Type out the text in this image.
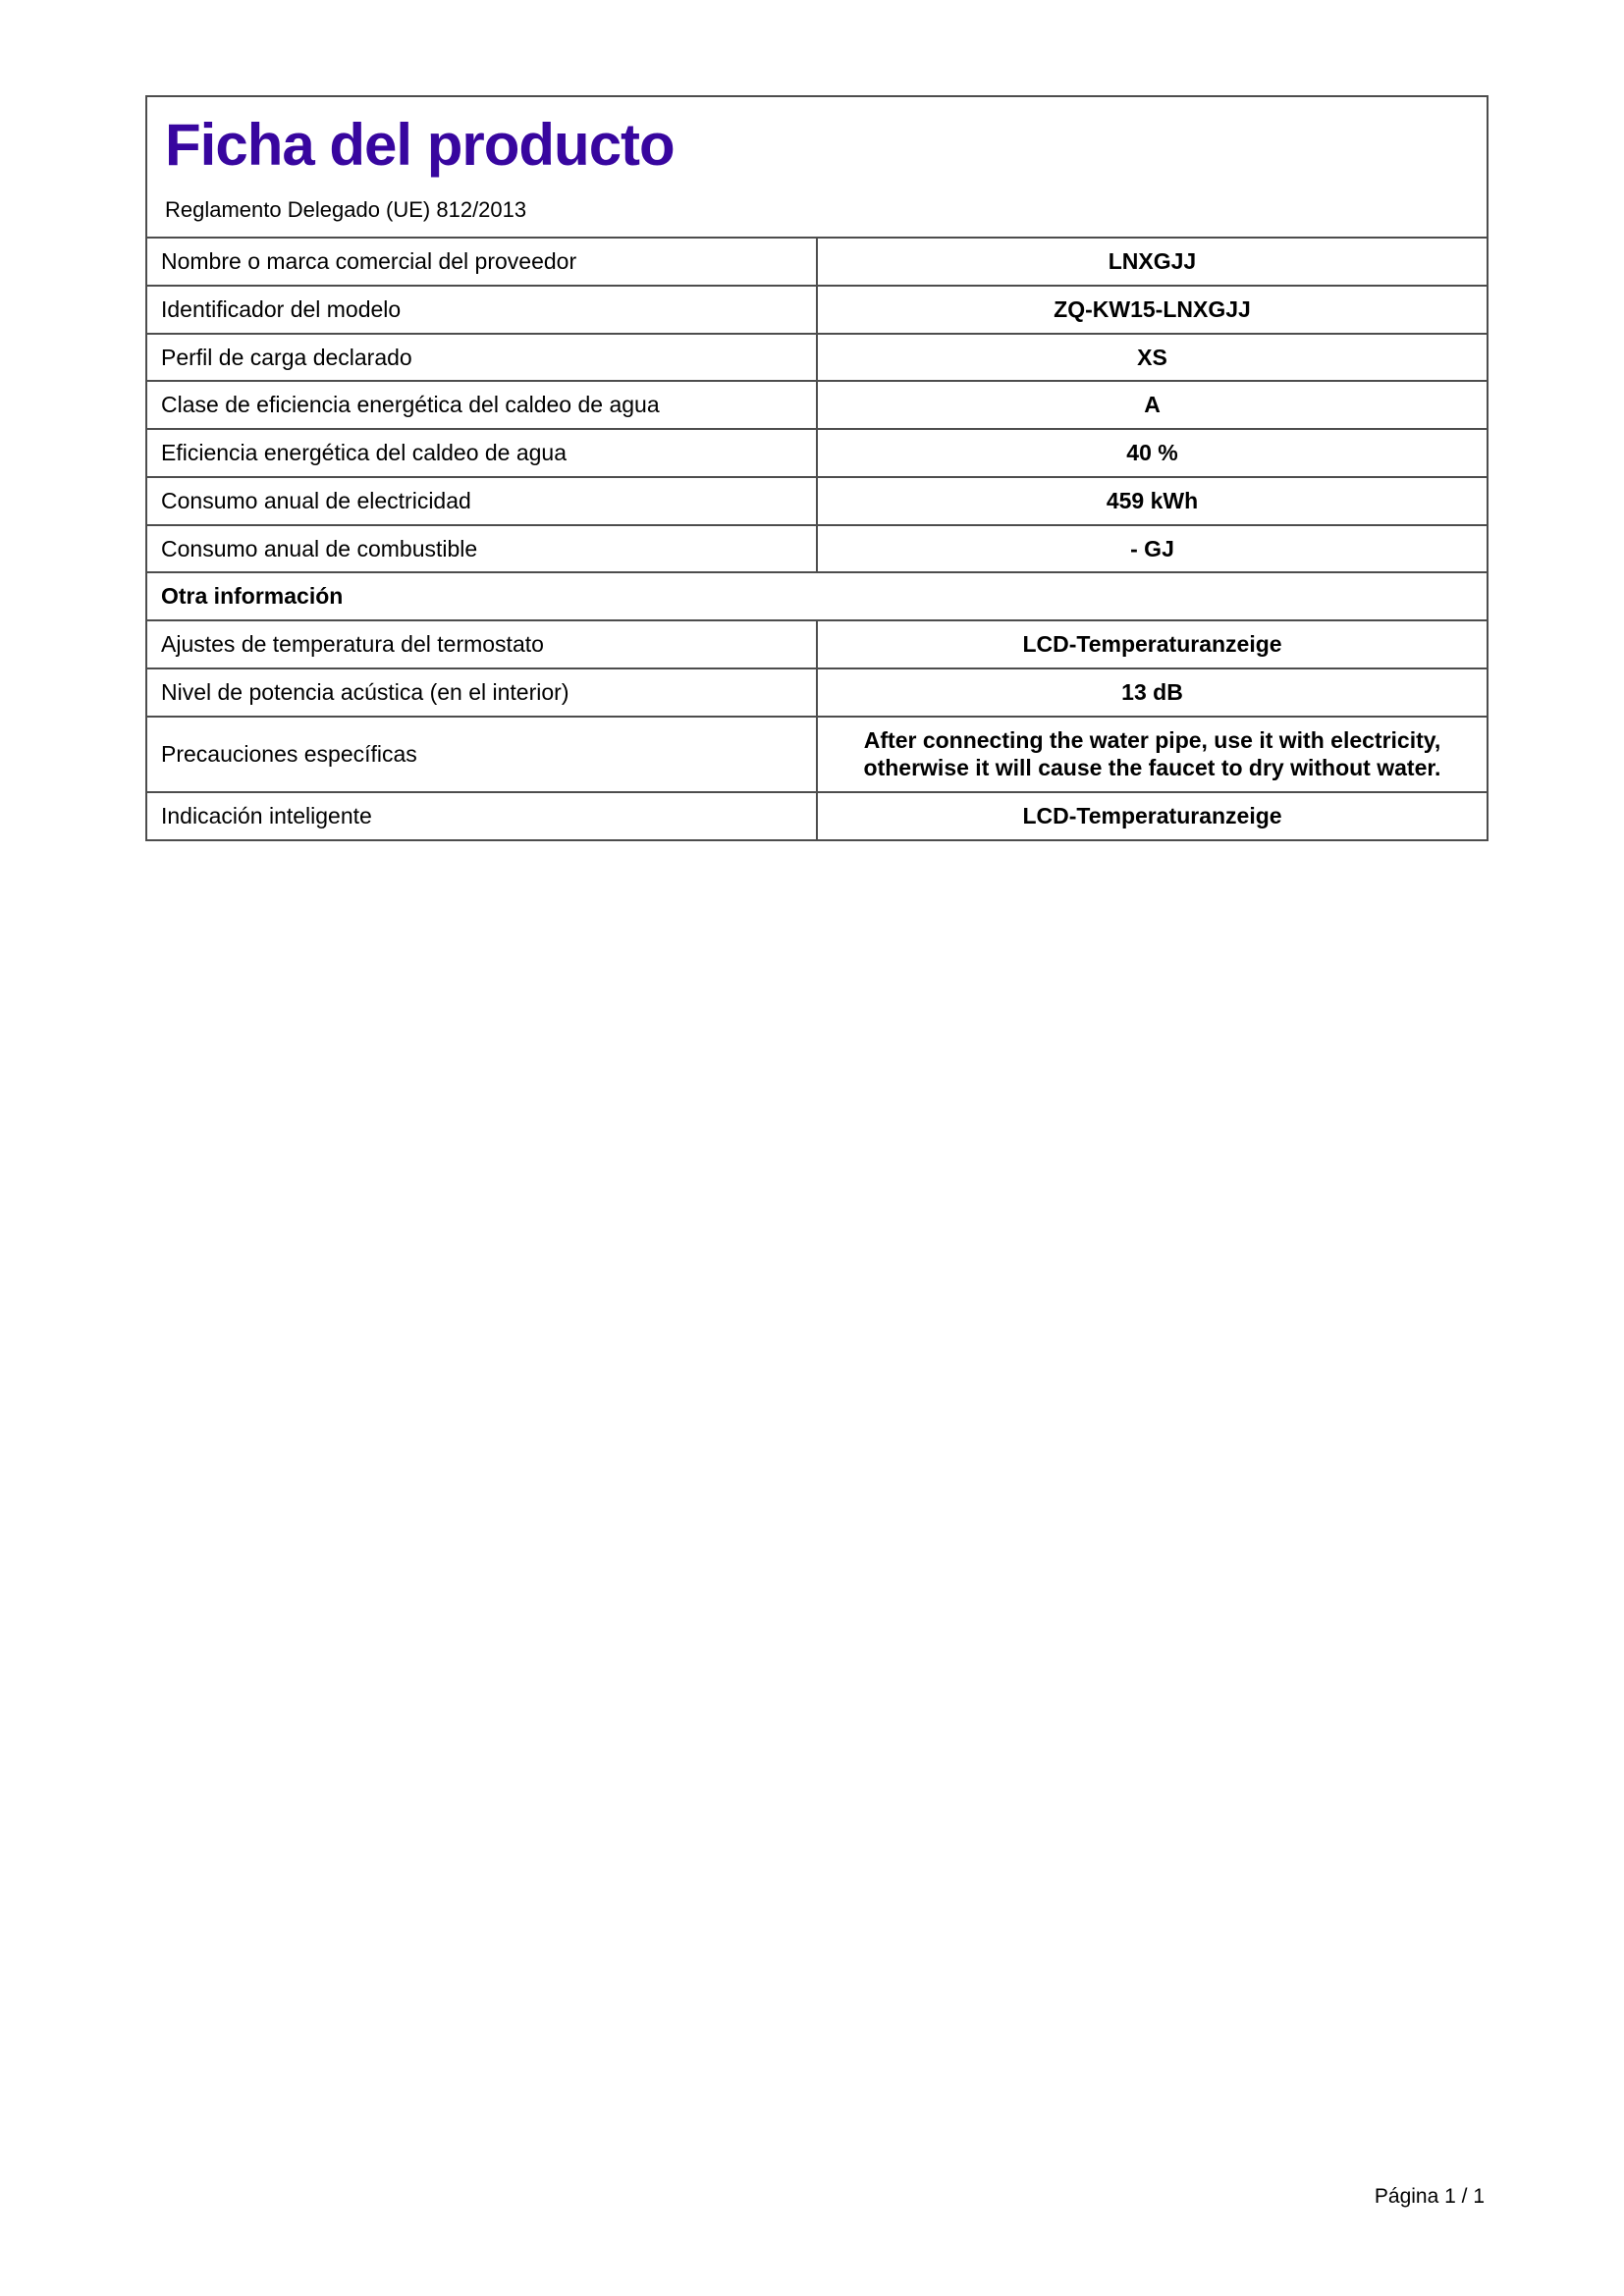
Ficha del producto

Reglamento Delegado (UE) 812/2013

Nombre o marca comercial del proveedor	LNXGJJ
Identificador del modelo	ZQ-KW15-LNXGJJ
Perfil de carga declarado	XS
Clase de eficiencia energética del caldeo de agua	A
Eficiencia energética del caldeo de agua	40 %
Consumo anual de electricidad	459 kWh
Consumo anual de combustible	- GJ
Otra información	
Ajustes de temperatura del termostato	LCD-Temperaturanzeige
Nivel de potencia acústica (en el interior)	13 dB
Precauciones específicas	After connecting the water pipe, use it with electricity, otherwise it will cause the faucet to dry without water.
Indicación inteligente	LCD-Temperaturanzeige
Página 1 / 1
